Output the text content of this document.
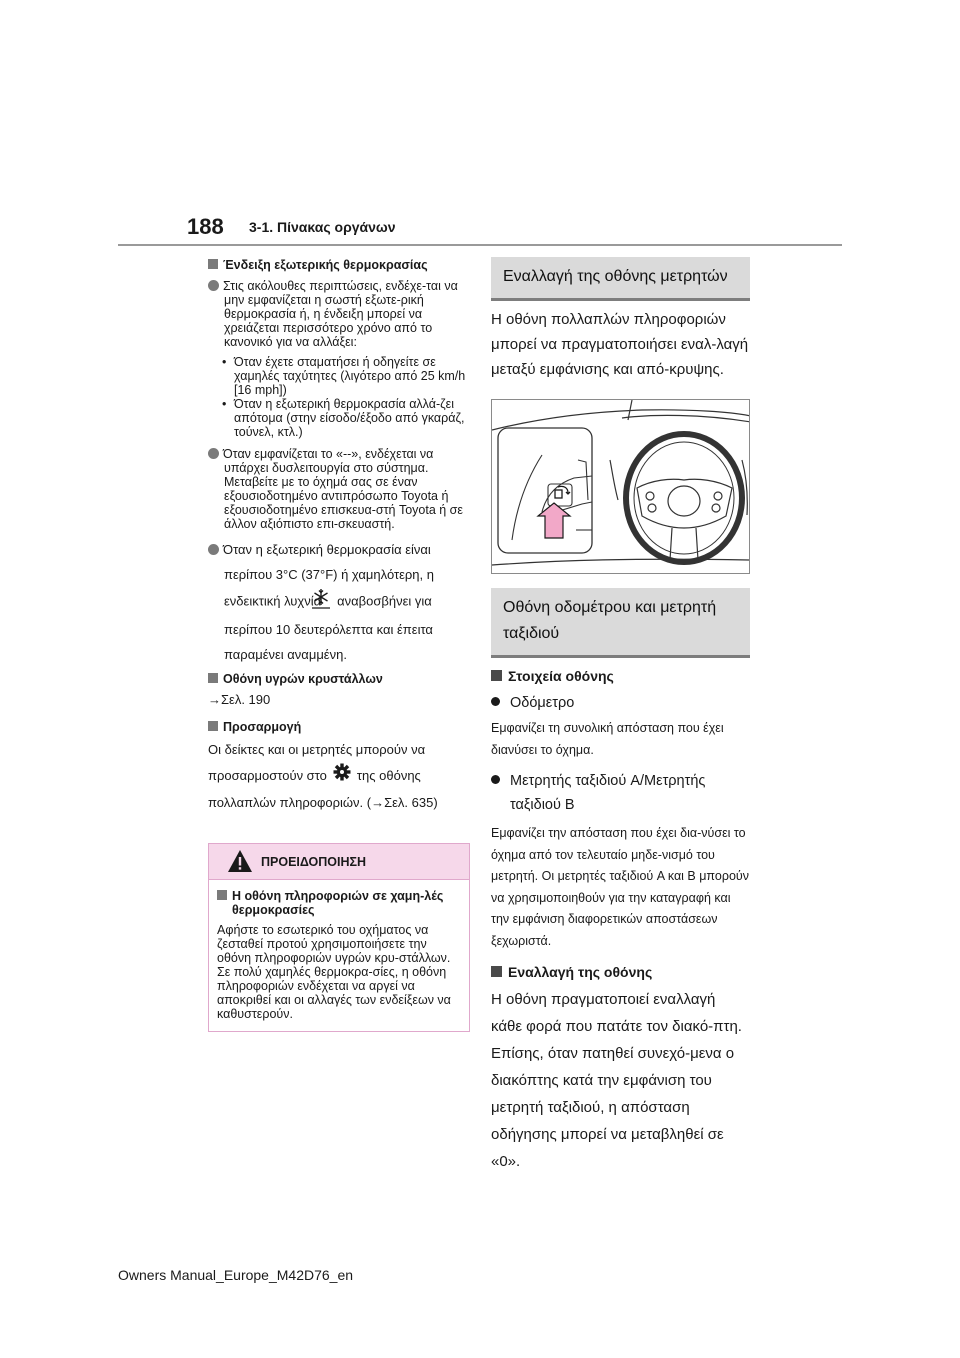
188 3-1. Πίνακας οργάνων
Ένδειξη εξωτερικής θερμοκρασίας
Στις ακόλουθες περιπτώσεις, ενδέχε-ται να μην εμφανίζεται η σωστή εξωτε-ρική θερμοκρασία ή, η ένδειξη μπορεί να χρειάζεται περισσότερο χρόνο από το κανονικό για να αλλάξει:
• Όταν έχετε σταματήσει ή οδηγείτε σε χαμηλές ταχύτητες (λιγότερο από 25 km/h [16 mph])
• Όταν η εξωτερική θερμοκρασία αλλά-ζει απότομα (στην είσοδο/έξοδο από γκαράζ, τούνελ, κτλ.)
Όταν εμφανίζεται το «--», ενδέχεται να υπάρχει δυσλειτουργία στο σύστημα. Μεταβείτε με το όχημά σας σε έναν εξουσιοδοτημένο αντιπρόσωπο Toyota ή εξουσιοδοτημένο επισκευα-στή Toyota ή σε άλλον αξιόπιστο επι-σκευαστή.
Όταν η εξωτερική θερμοκρασία είναι περίπου 3°C (37°F) ή χαμηλότερη, η ενδεικτική λυχνία αναβοσβήνει για περίπου 10 δευτερόλεπτα και έπειτα παραμένει αναμμένη.
Οθόνη υγρών κρυστάλλων
→Σελ. 190
Προσαρμογή
Οι δείκτες και οι μετρητές μπορούν να προσαρμοστούν στο της οθόνης πολλαπλών πληροφοριών. (→Σελ. 635)
ΠΡΟΕΙΔΟΠΟΙΗΣΗ
Η οθόνη πληροφοριών σε χαμη-λές θερμοκρασίες
Αφήστε το εσωτερικό του οχήματος να ζεσταθεί προτού χρησιμοποιήσετε την οθόνη πληροφοριών υγρών κρυ-στάλλων. Σε πολύ χαμηλές θερμοκρα-σίες, η οθόνη πληροφοριών ενδέχεται να αργεί να αποκριθεί και οι αλλαγές των ενδείξεων να καθυστερούν.
Εναλλαγή της οθόνης μετρητών
Η οθόνη πολλαπλών πληροφοριών μπορεί να πραγματοποιήσει εναλ-λαγή μεταξύ εμφάνισης και από-κρυψης.
Οθόνη οδομέτρου και μετρητή ταξιδιού
Στοιχεία οθόνης
Οδόμετρο
Εμφανίζει τη συνολική απόσταση που έχει διανύσει το όχημα.
Μετρητής ταξιδιού A/Μετρητής ταξιδιού B
Εμφανίζει την απόσταση που έχει δια-νύσει το όχημα από τον τελευταίο μηδε-νισμό του μετρητή. Οι μετρητές ταξιδιού A και B μπορούν να χρησιμοποιηθούν για την καταγραφή και την εμφάνιση διαφορετικών αποστάσεων ξεχωριστά.
Εναλλαγή της οθόνης
Η οθόνη πραγματοποιεί εναλλαγή κάθε φορά που πατάτε τον διακό-πτη. Επίσης, όταν πατηθεί συνεχό-μενα ο διακόπτης κατά την εμφάνιση του μετρητή ταξιδιού, η απόσταση οδήγησης μπορεί να μεταβληθεί σε «0».
Owners Manual_Europe_M42D76_en
